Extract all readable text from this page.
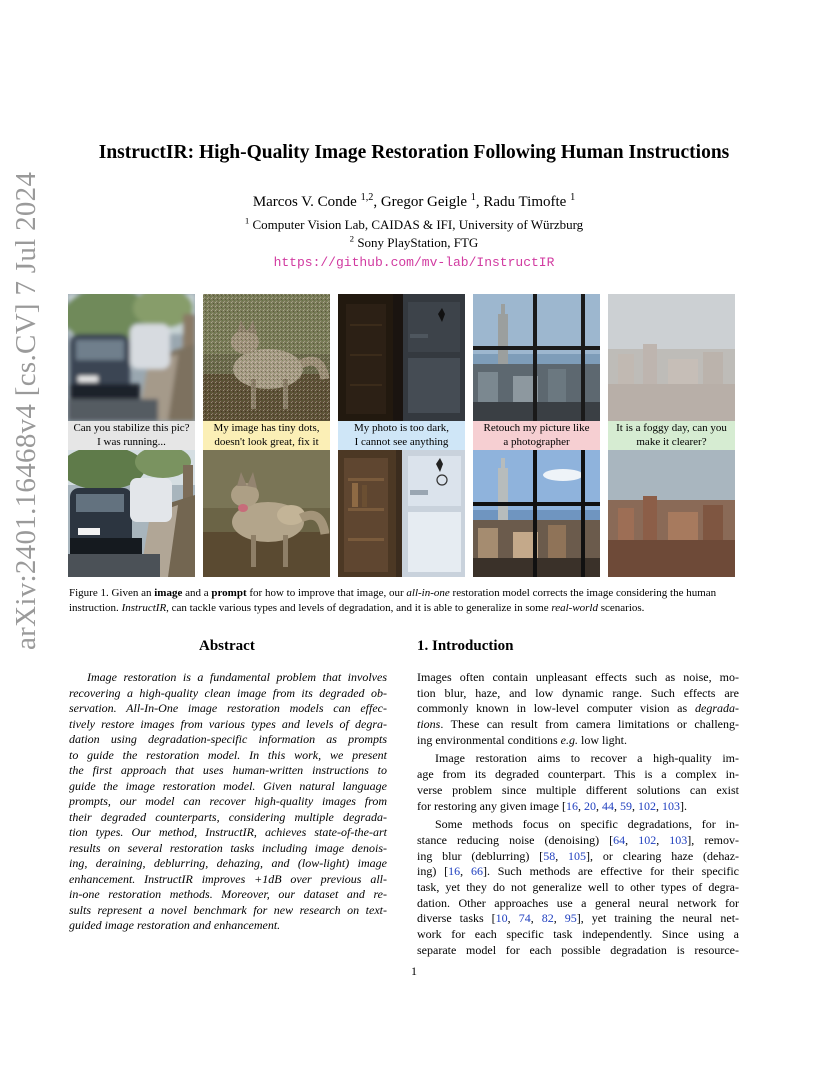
arXiv:2401.16468v4 [cs.CV] 7 Jul 2024
InstructIR: High-Quality Image Restoration Following Human Instructions
Marcos V. Conde $^{1,2}$, Gregor Geigle $^1$, Radu Timofte $^1$
$^1$ Computer Vision Lab, CAIDAS & IFI, University of Würzburg
$^2$ Sony PlayStation, FTG
https://github.com/mv-lab/InstructIR
Can you stabilize this pic?
I was running...
My image has tiny dots,
doesn't look great, fix it
My photo is too dark,
I cannot see anything
Retouch my picture like
a photographer
It is a foggy day, can you
make it clearer?
Figure 1. Given an image and a prompt for how to improve that image, our all-in-one restoration model corrects the image considering the human instruction. InstructIR, can tackle various types and levels of degradation, and it is able to generalize in some real-world scenarios.
Abstract	1. Introduction
Image restoration is a fundamental problem that involves
recovering a high-quality clean image from its degraded ob-
servation. All-In-One image restoration models can effec-
tively restore images from various types and levels of degra-
dation using degradation-specific information as prompts
to guide the restoration model. In this work, we present
the first approach that uses human-written instructions to
guide the image restoration model. Given natural language
prompts, our model can recover high-quality images from
their degraded counterparts, considering multiple degrada-
tion types. Our method, InstructIR, achieves state-of-the-art
results on several restoration tasks including image denois-
ing, deraining, deblurring, dehazing, and (low-light) image
enhancement. InstructIR improves +1dB over previous all-
in-one restoration methods. Moreover, our dataset and re-
sults represent a novel benchmark for new research on text-
guided image restoration and enhancement.
Images often contain unpleasant effects such as noise, mo-
tion blur, haze, and low dynamic range. Such effects are
commonly known in low-level computer vision as degrada-
tions. These can result from camera limitations or challeng-
ing environmental conditions e.g. low light.
Image restoration aims to recover a high-quality im-
age from its degraded counterpart. This is a complex in-
verse problem since multiple different solutions can exist
for restoring any given image [16, 20, 44, 59, 102, 103].
Some methods focus on specific degradations, for in-
stance reducing noise (denoising) [64, 102, 103], remov-
ing blur (deblurring) [58, 105], or clearing haze (dehaz-
ing) [16, 66]. Such methods are effective for their specific
task, yet they do not generalize well to other types of degra-
dation. Other approaches use a general neural network for
diverse tasks [10, 74, 82, 95], yet training the neural net-
work for each specific task independently. Since using a
separate model for each possible degradation is resource-
1
